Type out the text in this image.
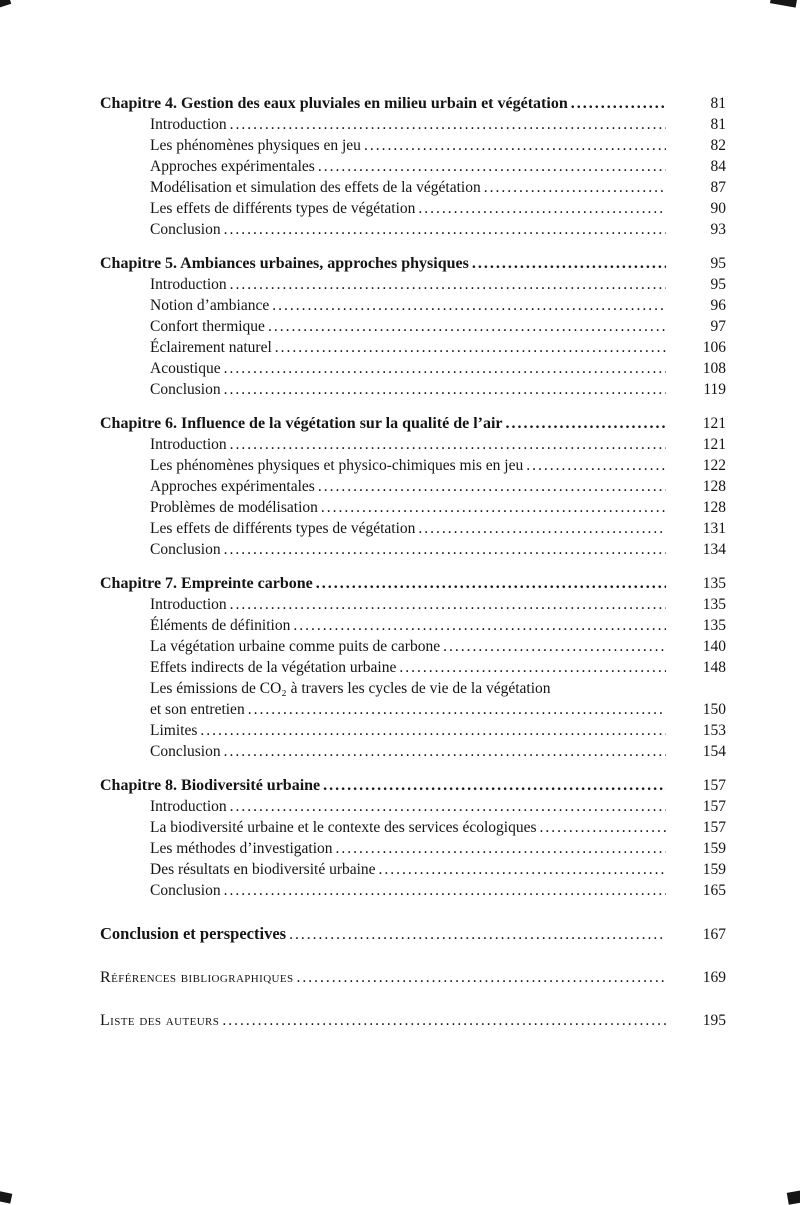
Chapitre 4. Gestion des eaux pluviales en milieu urbain et végétation .....	81
Introduction .....	81
Les phénomènes physiques en jeu .....	82
Approches expérimentales .....	84
Modélisation et simulation des effets de la végétation .....	87
Les effets de différents types de végétation .....	90
Conclusion .....	93
Chapitre 5. Ambiances urbaines, approches physiques .....	95
Introduction .....	95
Notion d’ambiance .....	96
Confort thermique .....	97
Éclairement naturel .....	106
Acoustique .....	108
Conclusion .....	119
Chapitre 6. Influence de la végétation sur la qualité de l’air .....	121
Introduction .....	121
Les phénomènes physiques et physico-chimiques mis en jeu .....	122
Approches expérimentales .....	128
Problèmes de modélisation .....	128
Les effets de différents types de végétation .....	131
Conclusion .....	134
Chapitre 7. Empreinte carbone .....	135
Introduction .....	135
Éléments de définition .....	135
La végétation urbaine comme puits de carbone .....	140
Effets indirects de la végétation urbaine .....	148
Les émissions de CO₂ à travers les cycles de vie de la végétation
et son entretien .....	150
Limites .....	153
Conclusion .....	154
Chapitre 8. Biodiversité urbaine .....	157
Introduction .....	157
La biodiversité urbaine et le contexte des services écologiques .....	157
Les méthodes d’investigation .....	159
Des résultats en biodiversité urbaine .....	159
Conclusion .....	165
Conclusion et perspectives .....	167
Références bibliographiques .....	169
Liste des auteurs .....	195
